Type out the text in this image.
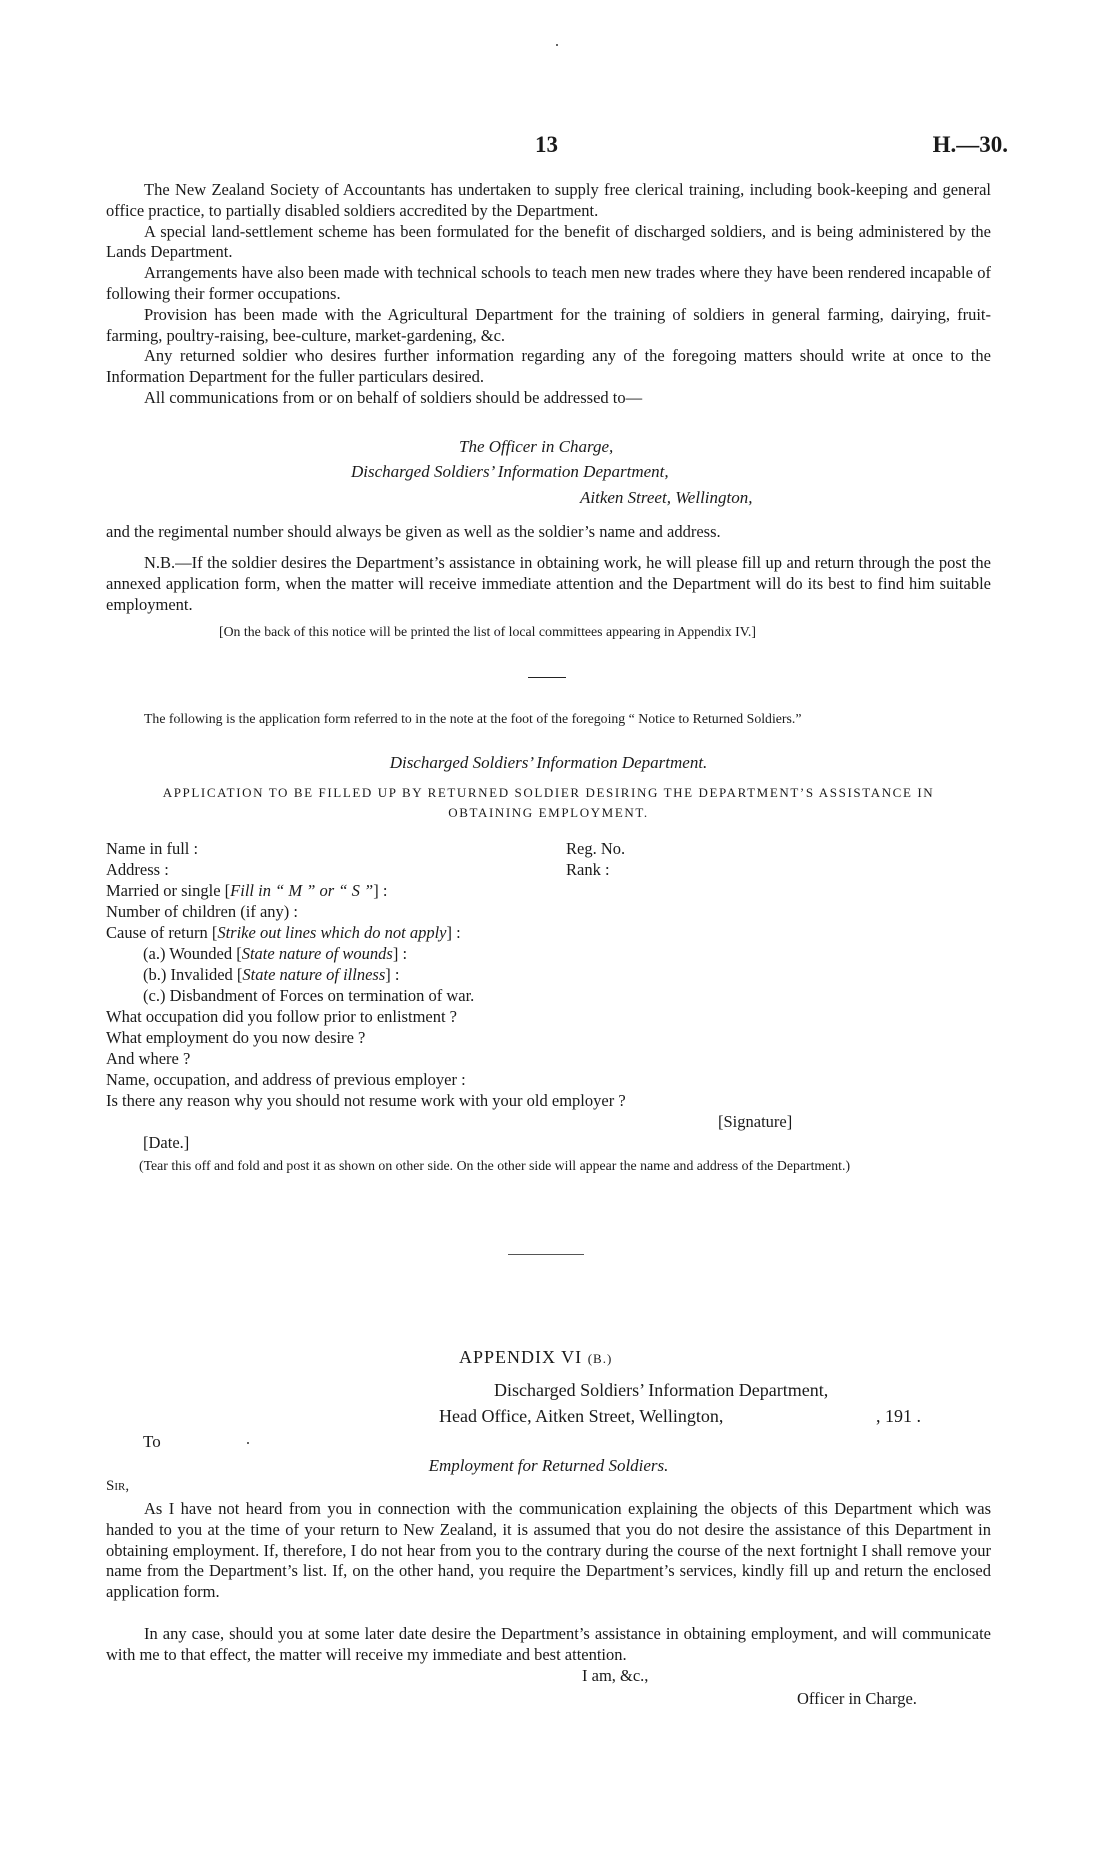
13	H.—30.
The New Zealand Society of Accountants has undertaken to supply free clerical training, including book-keeping and general office practice, to partially disabled soldiers accredited by the Department.
A special land-settlement scheme has been formulated for the benefit of discharged soldiers, and is being administered by the Lands Department.
Arrangements have also been made with technical schools to teach men new trades where they have been rendered incapable of following their former occupations.
Provision has been made with the Agricultural Department for the training of soldiers in general farming, dairying, fruit-farming, poultry-raising, bee-culture, market-gardening, &c.
Any returned soldier who desires further information regarding any of the foregoing matters should write at once to the Information Department for the fuller particulars desired.
All communications from or on behalf of soldiers should be addressed to—
The Officer in Charge,
Discharged Soldiers’ Information Department,
Aitken Street, Wellington,
and the regimental number should always be given as well as the soldier’s name and address.
N.B.—If the soldier desires the Department’s assistance in obtaining work, he will please fill up and return through the post the annexed application form, when the matter will receive immediate attention and the Department will do its best to find him suitable employment.
[On the back of this notice will be printed the list of local committees appearing in Appendix IV.]
The following is the application form referred to in the note at the foot of the foregoing “ Notice to Returned Soldiers.”
Discharged Soldiers’ Information Department.
APPLICATION TO BE FILLED UP BY RETURNED SOLDIER DESIRING THE DEPARTMENT’S ASSISTANCE IN
OBTAINING EMPLOYMENT.
Name in full :	Reg. No.
Address :	Rank :
Married or single [Fill in “ M ” or “ S ”] :
Number of children (if any) :
Cause of return [Strike out lines which do not apply] :
(a.) Wounded [State nature of wounds] :
(b.) Invalided [State nature of illness] :
(c.) Disbandment of Forces on termination of war.
What occupation did you follow prior to enlistment ?
What employment do you now desire ?
And where ?
Name, occupation, and address of previous employer :
Is there any reason why you should not resume work with your old employer ?
[Signature]
[Date.]
(Tear this off and fold and post it as shown on other side. On the other side will appear the name and address of the Department.)
APPENDIX VI (B.)
Discharged Soldiers’ Information Department,
Head Office, Aitken Street, Wellington,	, 191 .
To
Employment for Returned Soldiers.
Sir,
As I have not heard from you in connection with the communication explaining the objects of this Department which was handed to you at the time of your return to New Zealand, it is assumed that you do not desire the assistance of this Department in obtaining employment. If, therefore, I do not hear from you to the contrary during the course of the next fortnight I shall remove your name from the Department’s list. If, on the other hand, you require the Department’s services, kindly fill up and return the enclosed application form.
In any case, should you at some later date desire the Department’s assistance in obtaining employment, and will communicate with me to that effect, the matter will receive my immediate and best attention.
I am, &c.,
Officer in Charge.
